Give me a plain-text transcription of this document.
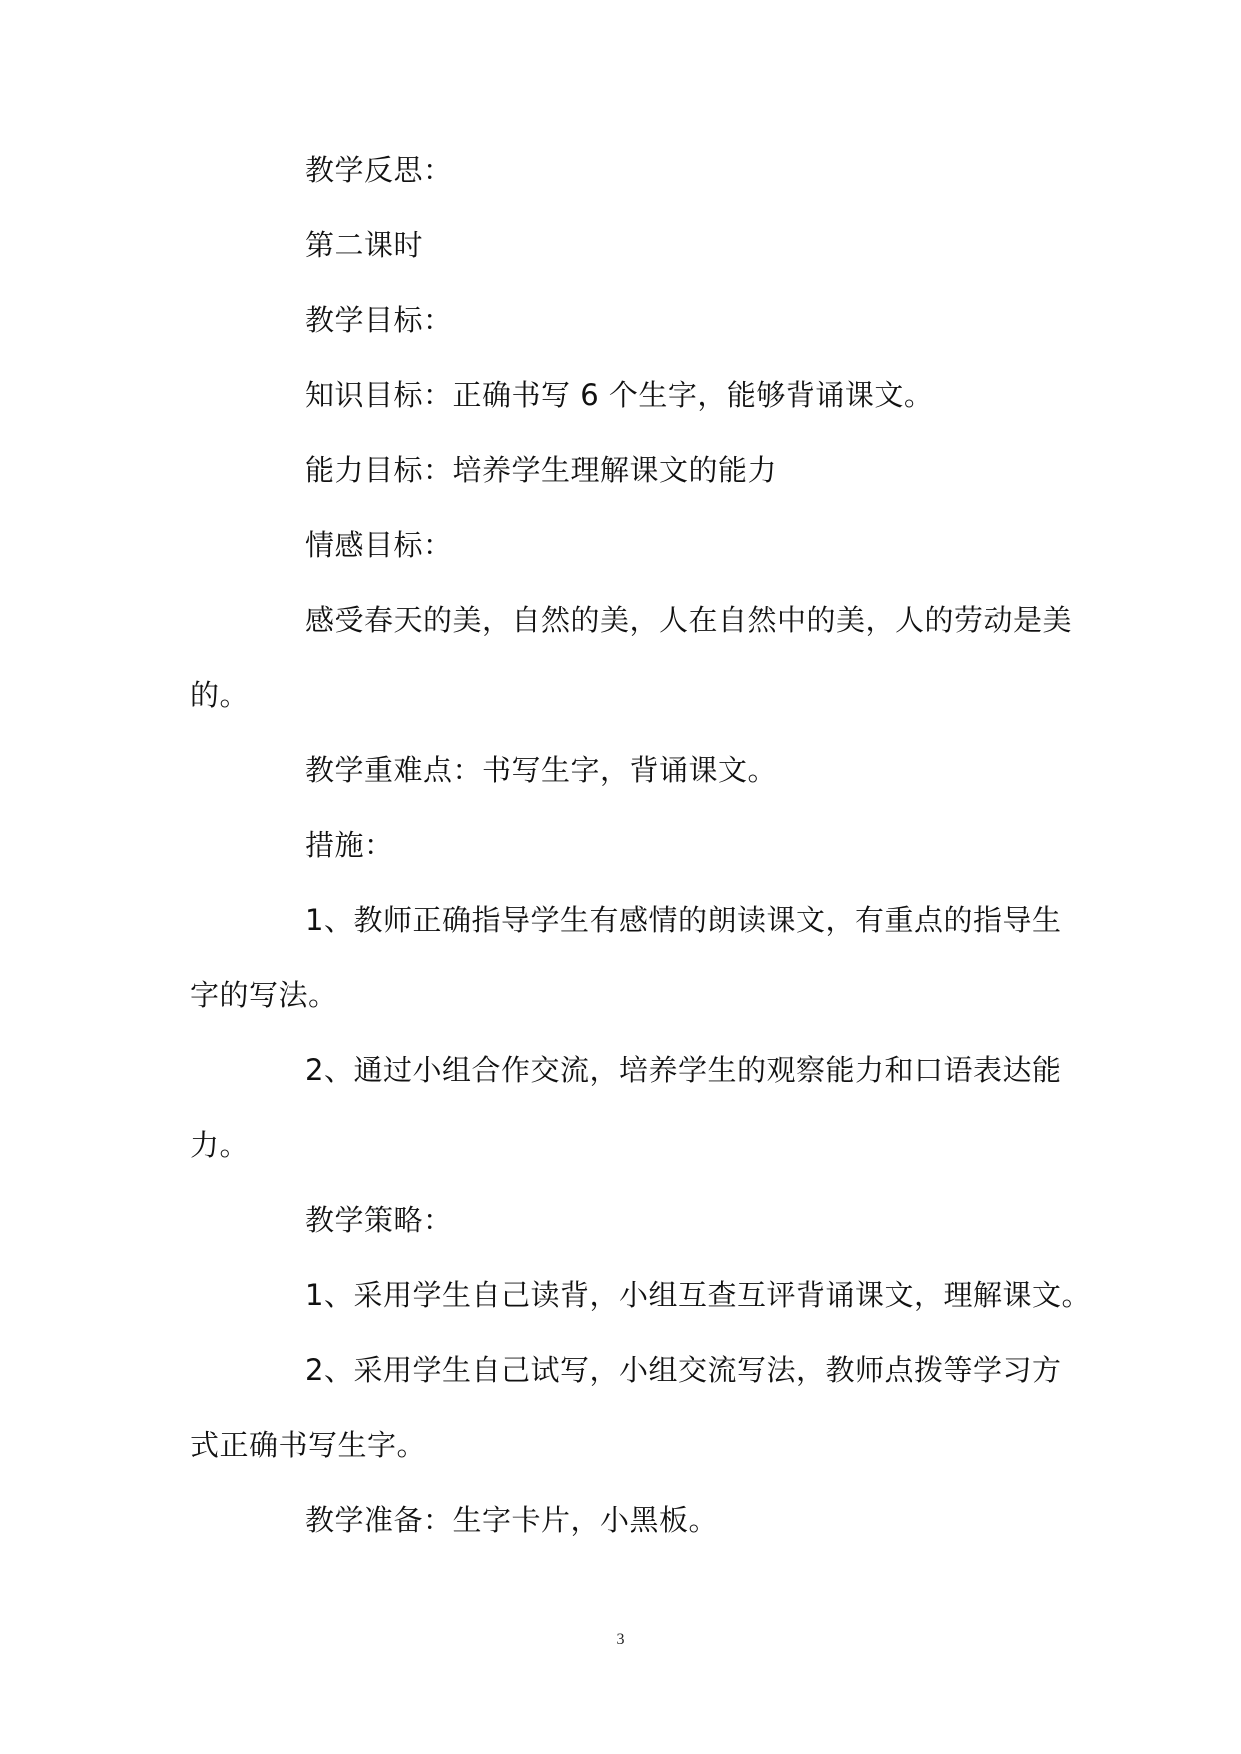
教学反思：
第二课时
教学目标：
知识目标：正确书写 6 个生字，能够背诵课文。
能力目标：培养学生理解课文的能力
情感目标：
感受春天的美，自然的美，人在自然中的美，人的劳动是美
的。
教学重难点：书写生字，背诵课文。
措施：
1、教师正确指导学生有感情的朗读课文，有重点的指导生
字的写法。
2、通过小组合作交流，培养学生的观察能力和口语表达能
力。
教学策略：
1、采用学生自己读背，小组互查互评背诵课文，理解课文。
2、采用学生自己试写，小组交流写法，教师点拨等学习方
式正确书写生字。
教学准备：生字卡片，小黑板。
3
